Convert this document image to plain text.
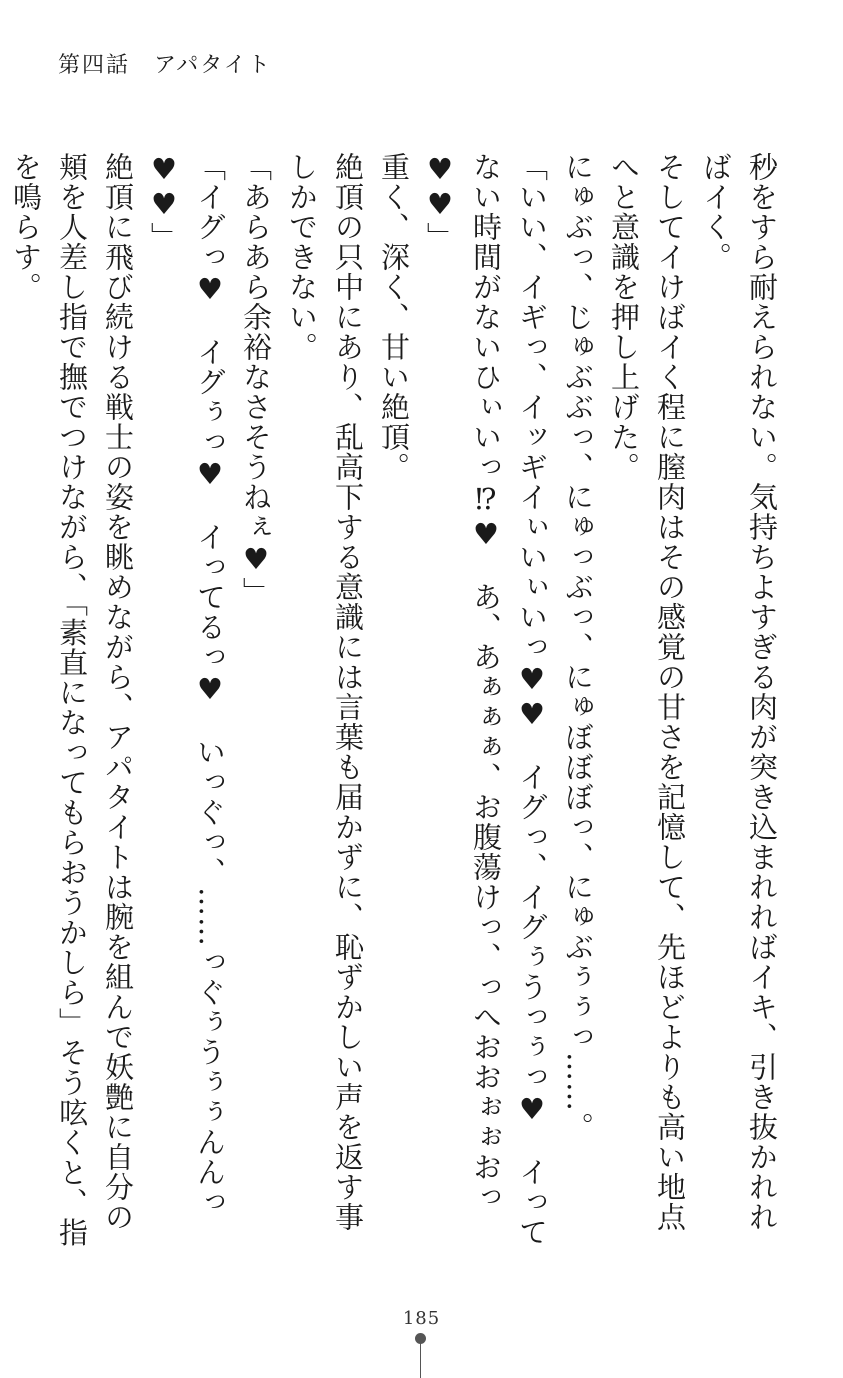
第四話　アパタイト

秒をすら耐えられない。気持ちよすぎる肉が突き込まれればイキ、引き抜かれればイく。

そしてイけばイく程に膣肉はその感覚の甘さを記憶して、先ほどよりも高い地点へと意識を押し上げた。

にゅぶっ、じゅぶぶっ、にゅっぶっ、にゅぼぼぼっ、にゅぶぅぅっ……。

「いい、イギっ、イッギイぃいぃいっ♥♥　イグっ、イグぅうっぅっ♥　イってない時間がないひぃいっ⁉♥　あ、あぁぁぁ、お腹蕩けっ、っへおおぉぉおっ♥♥」

重く、深く、甘い絶頂。

絶頂の只中にあり、乱高下する意識には言葉も届かずに、恥ずかしい声を返す事しかできない。

「あらあら余裕なさそうねぇ♥」

「イグっ♥　イグぅっ♥　イってるっ♥　いっぐっ、……っぐぅうぅぅんんっ♥♥」

絶頂に飛び続ける戦士の姿を眺めながら、アパタイトは腕を組んで妖艶に自分の頬を人差し指で撫でつけながら、「素直になってもらおうかしら」そう呟くと、指を鳴らす。

185
